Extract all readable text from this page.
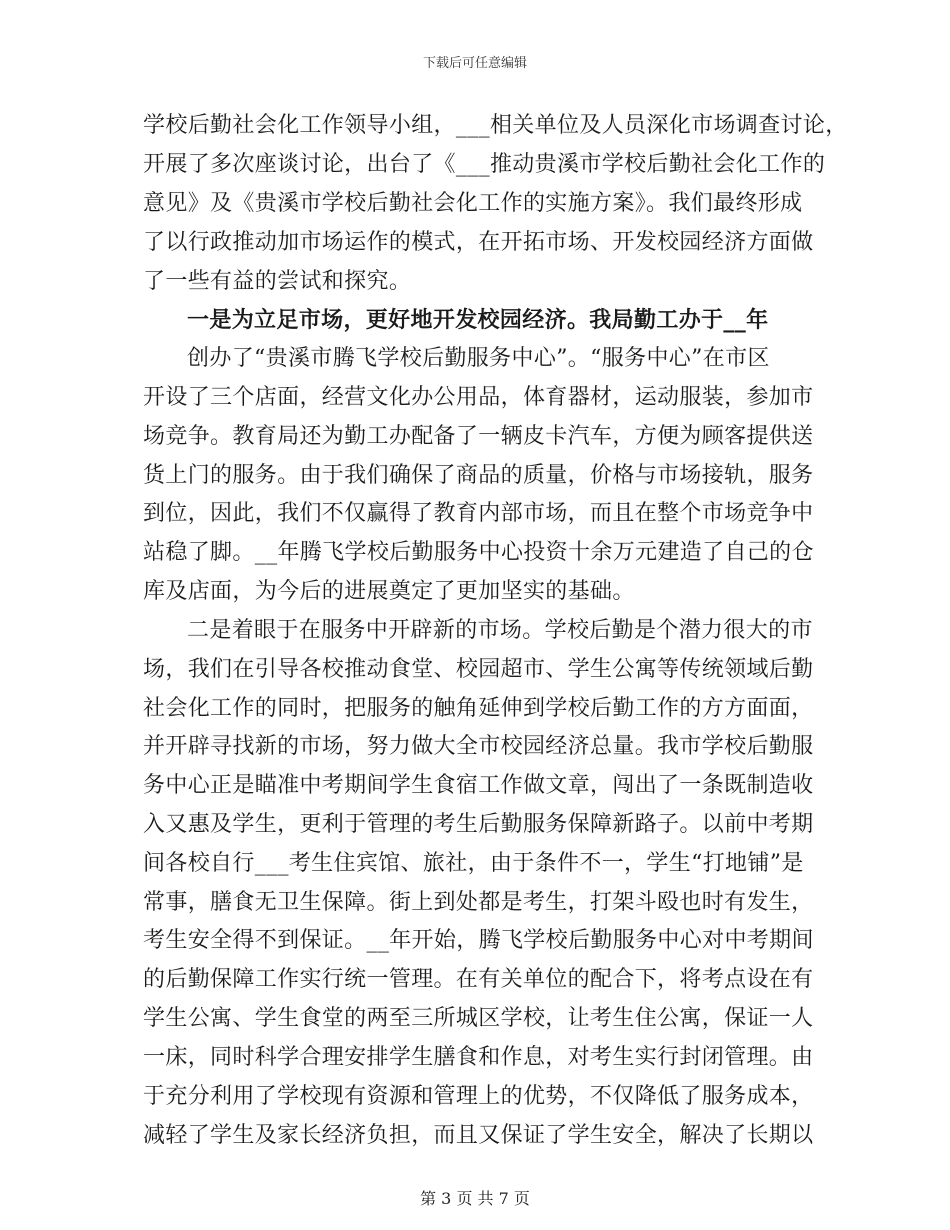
下载后可任意编辑
学校后勤社会化工作领导小组，___相关单位及人员深化市场调查讨论，
开展了多次座谈讨论，出台了《___推动贵溪市学校后勤社会化工作的
意见》及《贵溪市学校后勤社会化工作的实施方案》。我们最终形成
了以行政推动加市场运作的模式，在开拓市场、开发校园经济方面做
了一些有益的尝试和探究。
一是为立足市场，更好地开发校园经济。我局勤工办于__年
创办了“贵溪市腾飞学校后勤服务中心”。“服务中心”在市区
开设了三个店面，经营文化办公用品，体育器材，运动服装，参加市
场竞争。教育局还为勤工办配备了一辆皮卡汽车，方便为顾客提供送
货上门的服务。由于我们确保了商品的质量，价格与市场接轨，服务
到位，因此，我们不仅赢得了教育内部市场，而且在整个市场竞争中
站稳了脚。__年腾飞学校后勤服务中心投资十余万元建造了自己的仓
库及店面，为今后的进展奠定了更加坚实的基础。
二是着眼于在服务中开辟新的市场。学校后勤是个潜力很大的市
场，我们在引导各校推动食堂、校园超市、学生公寓等传统领域后勤
社会化工作的同时，把服务的触角延伸到学校后勤工作的方方面面，
并开辟寻找新的市场，努力做大全市校园经济总量。我市学校后勤服
务中心正是瞄准中考期间学生食宿工作做文章，闯出了一条既制造收
入又惠及学生，更利于管理的考生后勤服务保障新路子。以前中考期
间各校自行___考生住宾馆、旅社，由于条件不一，学生“打地铺”是
常事，膳食无卫生保障。街上到处都是考生，打架斗殴也时有发生，
考生安全得不到保证。__年开始，腾飞学校后勤服务中心对中考期间
的后勤保障工作实行统一管理。在有关单位的配合下，将考点设在有
学生公寓、学生食堂的两至三所城区学校，让考生住公寓，保证一人
一床，同时科学合理安排学生膳食和作息，对考生实行封闭管理。由
于充分利用了学校现有资源和管理上的优势，不仅降低了服务成本，
减轻了学生及家长经济负担，而且又保证了学生安全，解决了长期以
第 3 页 共 7 页
